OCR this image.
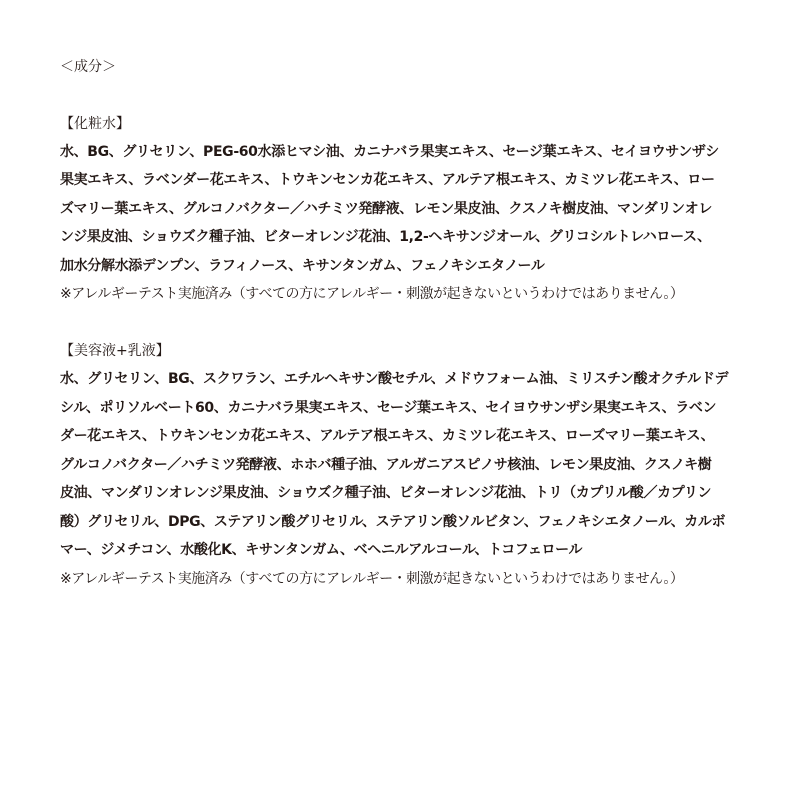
＜成分＞

【化粧水】

水、BG、グリセリン、PEG-60水添ヒマシ油、カニナバラ果実エキス、セージ葉エキス、セイヨウサンザシ

果実エキス、ラベンダー花エキス、トウキンセンカ花エキス、アルテア根エキス、カミツレ花エキス、ロー

ズマリー葉エキス、グルコノバクター／ハチミツ発酵液、レモン果皮油、クスノキ樹皮油、マンダリンオレ

ンジ果皮油、ショウズク種子油、ビターオレンジ花油、1,2-ヘキサンジオール、グリコシルトレハロース、

加水分解水添デンプン、ラフィノース、キサンタンガム、フェノキシエタノール

※アレルギーテスト実施済み（すべての方にアレルギー・刺激が起きないというわけではありません。）

【美容液+乳液】

水、グリセリン、BG、スクワラン、エチルヘキサン酸セチル、メドウフォーム油、ミリスチン酸オクチルドデ

シル、ポリソルベート60、カニナバラ果実エキス、セージ葉エキス、セイヨウサンザシ果実エキス、ラベン

ダー花エキス、トウキンセンカ花エキス、アルテア根エキス、カミツレ花エキス、ローズマリー葉エキス、

グルコノバクター／ハチミツ発酵液、ホホバ種子油、アルガニアスピノサ核油、レモン果皮油、クスノキ樹

皮油、マンダリンオレンジ果皮油、ショウズク種子油、ビターオレンジ花油、トリ（カプリル酸／カプリン

酸）グリセリル、DPG、ステアリン酸グリセリル、ステアリン酸ソルビタン、フェノキシエタノール、カルボ

マー、ジメチコン、水酸化K、キサンタンガム、ベヘニルアルコール、トコフェロール

※アレルギーテスト実施済み（すべての方にアレルギー・刺激が起きないというわけではありません。）
